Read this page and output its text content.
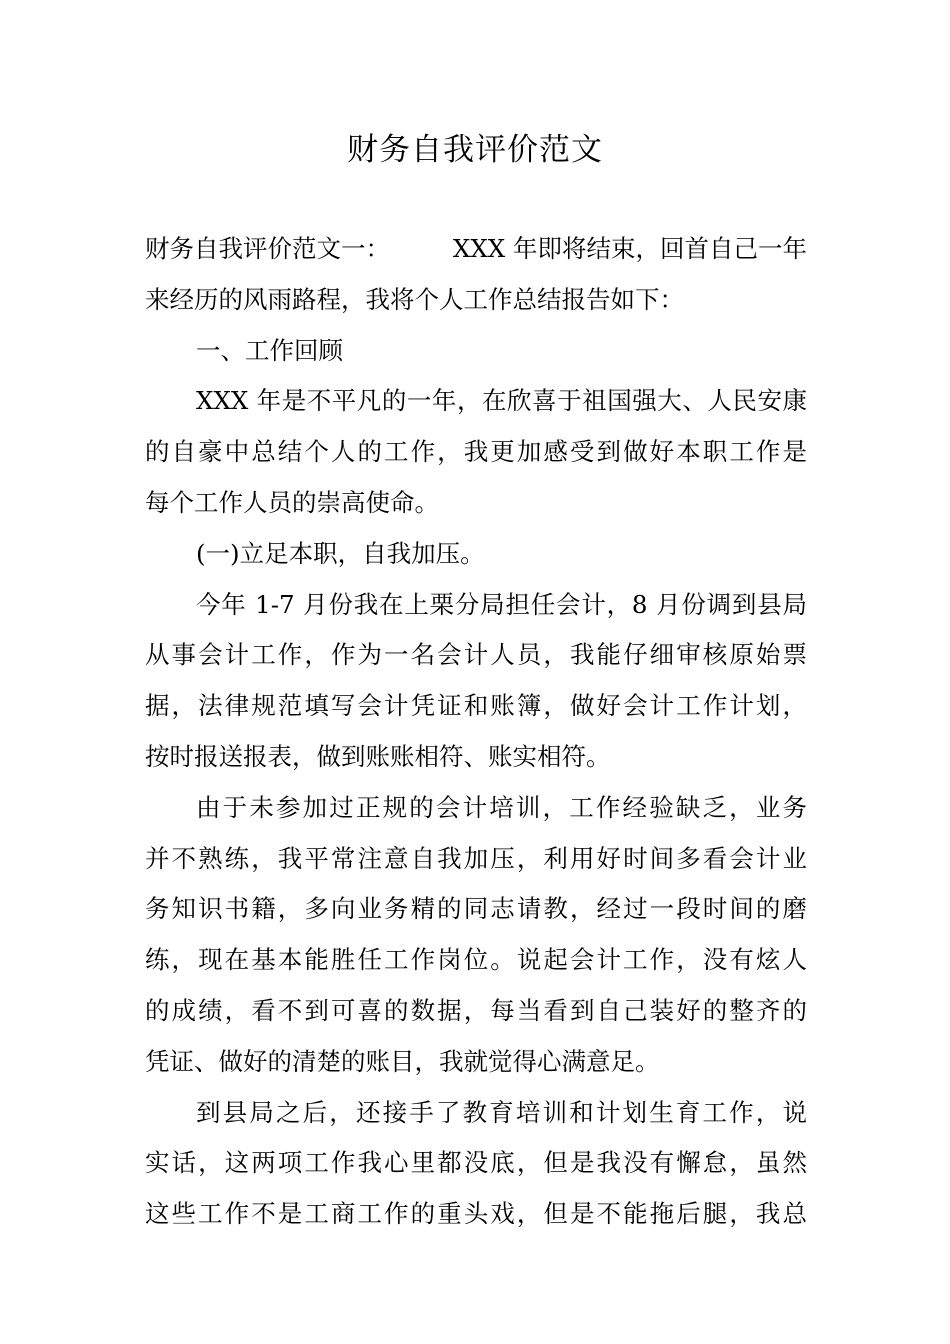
财务自我评价范文
财务自我评价范文一：	XXX 年即将结束，回首自己一年
来经历的风雨路程，我将个人工作总结报告如下：
一、工作回顾
XXX 年是不平凡的一年，在欣喜于祖国强大、人民安康
的自豪中总结个人的工作，我更加感受到做好本职工作是
每个工作人员的崇高使命。
(一)立足本职，自我加压。
今年 1-7 月份我在上栗分局担任会计，8 月份调到县局
从事会计工作，作为一名会计人员，我能仔细审核原始票
据，法律规范填写会计凭证和账簿，做好会计工作计划，
按时报送报表，做到账账相符、账实相符。
由于未参加过正规的会计培训，工作经验缺乏，业务
并不熟练，我平常注意自我加压，利用好时间多看会计业
务知识书籍，多向业务精的同志请教，经过一段时间的磨
练，现在基本能胜任工作岗位。说起会计工作，没有炫人
的成绩，看不到可喜的数据，每当看到自己装好的整齐的
凭证、做好的清楚的账目，我就觉得心满意足。
到县局之后，还接手了教育培训和计划生育工作，说
实话，这两项工作我心里都没底，但是我没有懈怠，虽然
这些工作不是工商工作的重头戏，但是不能拖后腿，我总
